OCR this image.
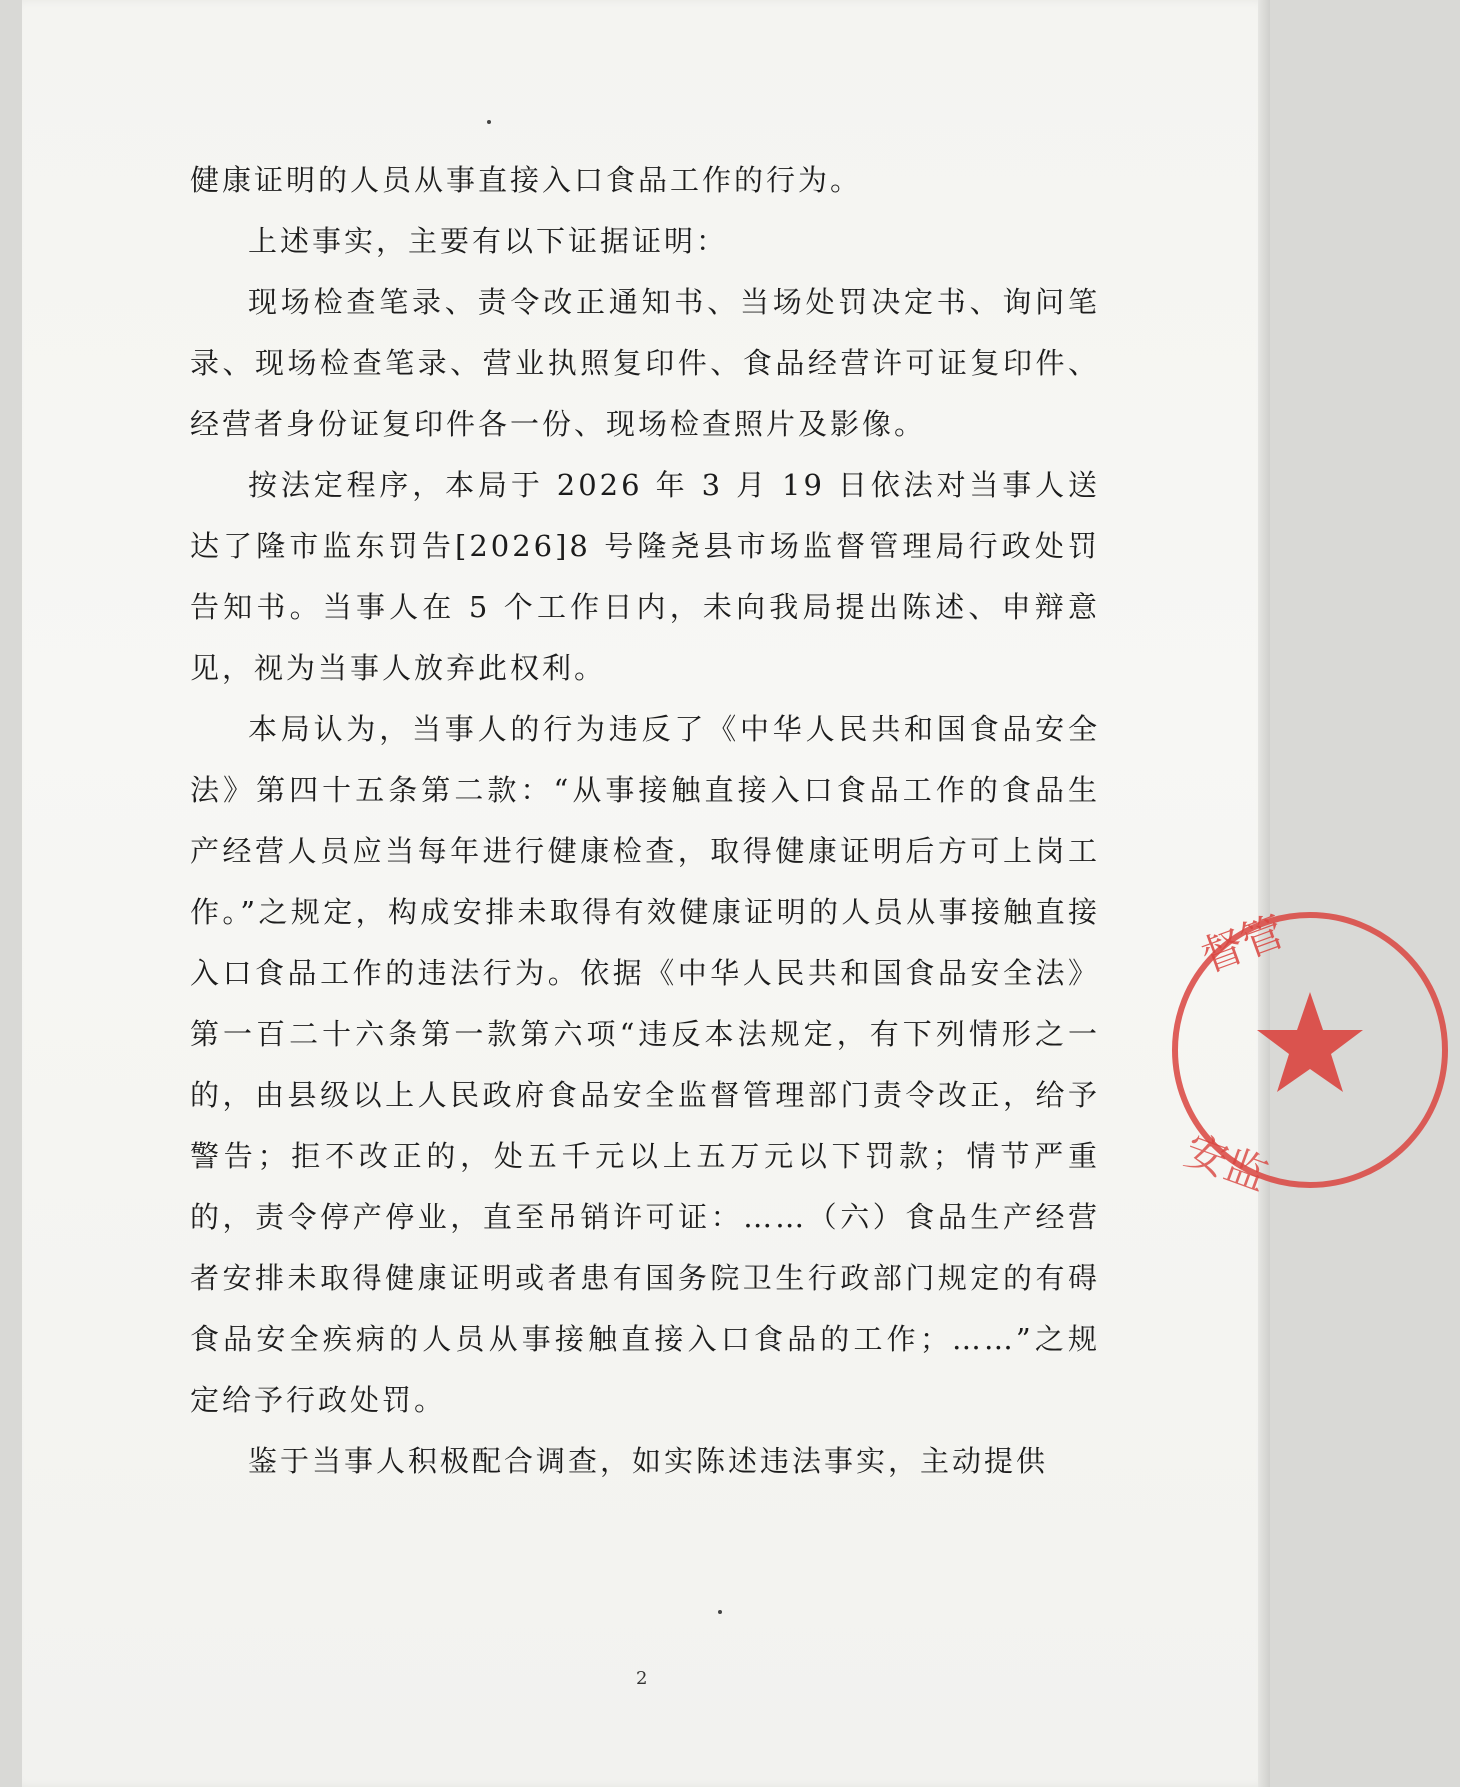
健康证明的人员从事直接入口食品工作的行为。

上述事实，主要有以下证据证明：

现场检查笔录、责令改正通知书、当场处罚决定书、询问笔录、现场检查笔录、营业执照复印件、食品经营许可证复印件、经营者身份证复印件各一份、现场检查照片及影像。

按法定程序，本局于 2026 年 3 月 19 日依法对当事人送达了隆市监东罚告[2026]8 号隆尧县市场监督管理局行政处罚告知书。当事人在 5 个工作日内，未向我局提出陈述、申辩意见，视为当事人放弃此权利。

本局认为，当事人的行为违反了《中华人民共和国食品安全法》第四十五条第二款：“从事接触直接入口食品工作的食品生产经营人员应当每年进行健康检查，取得健康证明后方可上岗工作。”之规定，构成安排未取得有效健康证明的人员从事接触直接入口食品工作的违法行为。依据《中华人民共和国食品安全法》第一百二十六条第一款第六项“违反本法规定，有下列情形之一的，由县级以上人民政府食品安全监督管理部门责令改正，给予警告；拒不改正的，处五千元以上五万元以下罚款；情节严重的，责令停产停业，直至吊销许可证：……（六）食品生产经营者安排未取得健康证明或者患有国务院卫生行政部门规定的有碍食品安全疾病的人员从事接触直接入口食品的工作；……”之规定给予行政处罚。

鉴于当事人积极配合调查，如实陈述违法事实，主动提供

2
督管
安监
